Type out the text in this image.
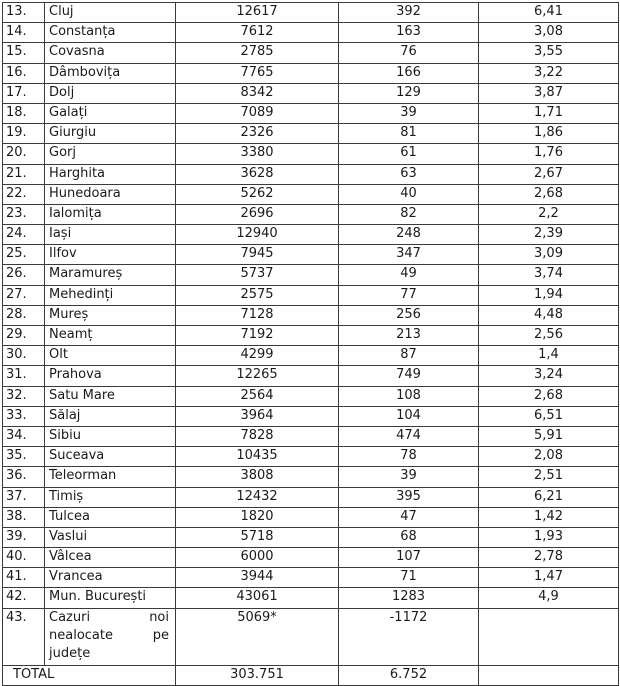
13.	Cluj	12617	392	6,41
14.	Constanța	7612	163	3,08
15.	Covasna	2785	76	3,55
16.	Dâmbovița	7765	166	3,22
17.	Dolj	8342	129	3,87
18.	Galați	7089	39	1,71
19.	Giurgiu	2326	81	1,86
20.	Gorj	3380	61	1,76
21.	Harghita	3628	63	2,67
22.	Hunedoara	5262	40	2,68
23.	Ialomița	2696	82	2,2
24.	Iași	12940	248	2,39
25.	Ilfov	7945	347	3,09
26.	Maramureș	5737	49	3,74
27.	Mehedinți	2575	77	1,94
28.	Mureș	7128	256	4,48
29.	Neamț	7192	213	2,56
30.	Olt	4299	87	1,4
31.	Prahova	12265	749	3,24
32.	Satu Mare	2564	108	2,68
33.	Sălaj	3964	104	6,51
34.	Sibiu	7828	474	5,91
35.	Suceava	10435	78	2,08
36.	Teleorman	3808	39	2,51
37.	Timiș	12432	395	6,21
38.	Tulcea	1820	47	1,42
39.	Vaslui	5718	68	1,93
40.	Vâlcea	6000	107	2,78
41.	Vrancea	3944	71	1,47
42.	Mun. București	43061	1283	4,9
43.	Cazuri noi nealocate pe județe	5069*	-1172	
TOTAL		303.751	6.752	
